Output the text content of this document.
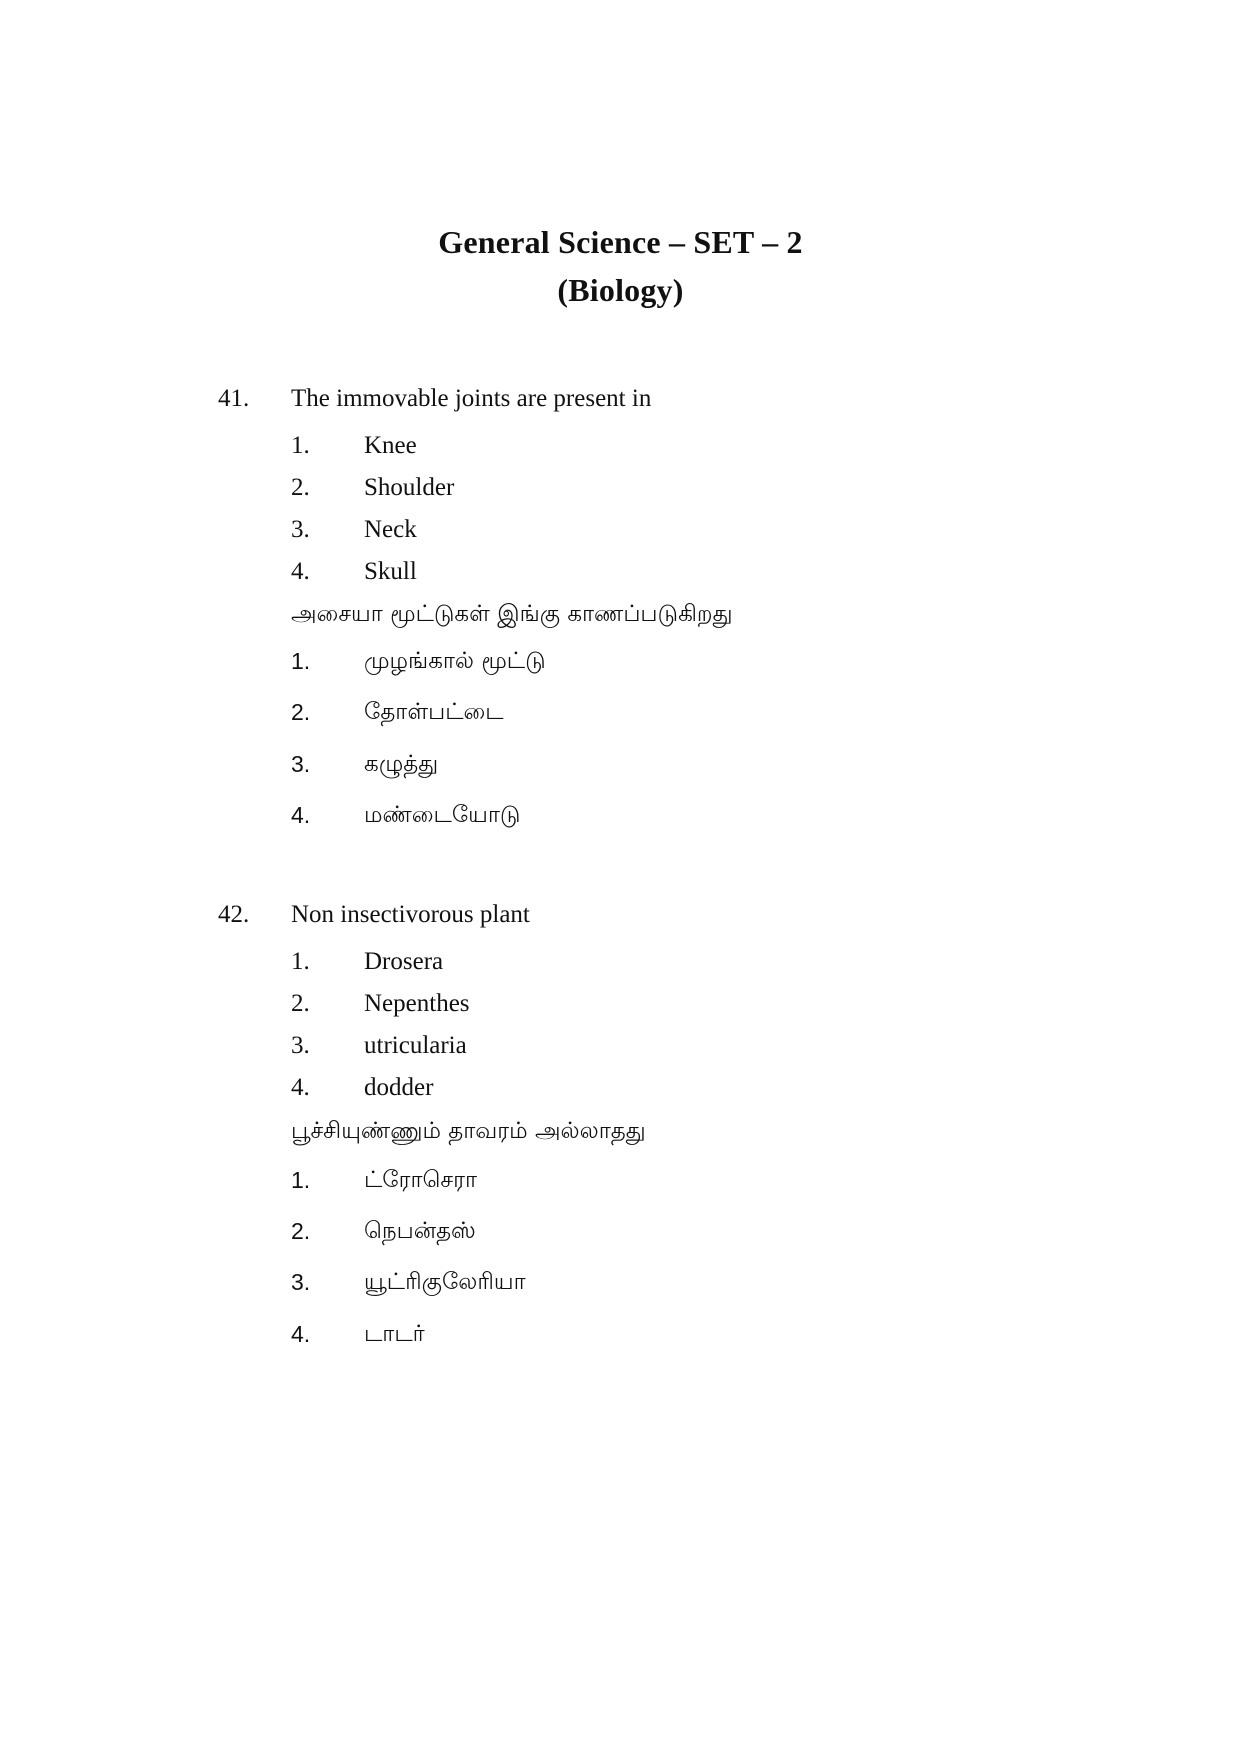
General Science – SET – 2
(Biology)
41. The immovable joints are present in
1. Knee
2. Shoulder
3. Neck
4. Skull
அசையா மூட்டுகள் இங்கு காணப்படுகிறது
1. முழங்கால் மூட்டு
2. தோள்பட்டை
3. கழுத்து
4. மண்டையோடு
42. Non insectivorous plant
1. Drosera
2. Nepenthes
3. utricularia
4. dodder
பூச்சியுண்ணும் தாவரம் அல்லாதது
1. ட்ரோசெரா
2. நெபன்தஸ்
3. யூட்ரிகுலேரியா
4. டாடர்
